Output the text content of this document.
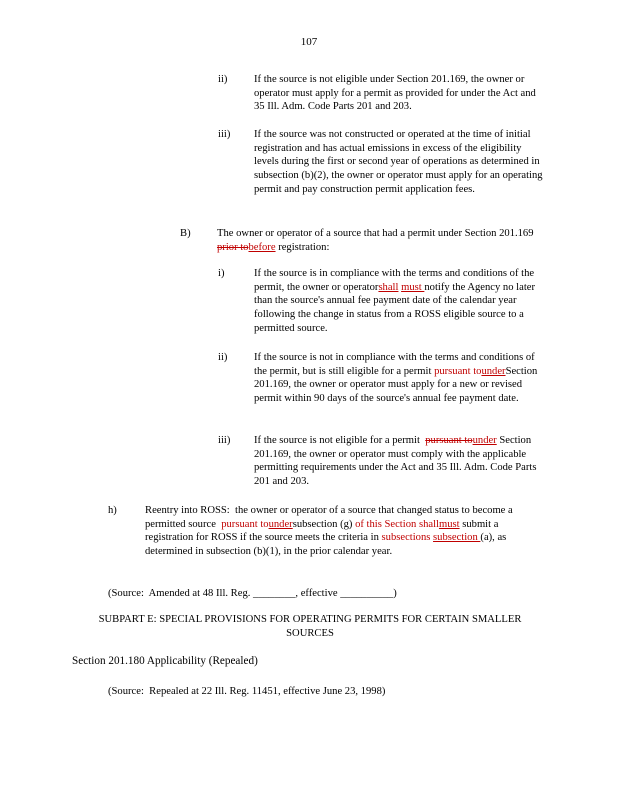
107
ii)	If the source is not eligible under Section 201.169, the owner or operator must apply for a permit as provided for under the Act and 35 Ill. Adm. Code Parts 201 and 203.
iii) If the source was not constructed or operated at the time of initial registration and has actual emissions in excess of the eligibility levels during the first or second year of operations as determined in subsection (b)(2), the owner or operator must apply for an operating permit and pay construction permit application fees.
B) The owner or operator of a source that had a permit under Section 201.169 prior tobefore registration:
i)	If the source is in compliance with the terms and conditions of the permit, the owner or operatorshall must notify the Agency no later than the source's annual fee payment date of the calendar year following the change in status from a ROSS eligible source to a permitted source.
ii)	If the source is not in compliance with the terms and conditions of the permit, but is still eligible for a permit pursuant tounderSection 201.169, the owner or operator must apply for a new or revised permit within 90 days of the source's annual fee payment date.
iii) If the source is not eligible for a permit  pursuant tounder Section 201.169, the owner or operator must comply with the applicable permitting requirements under the Act and 35 Ill. Adm. Code Parts 201 and 203.
h)	Reentry into ROSS:  the owner or operator of a source that changed status to become a permitted source  pursuant toundersubsection (g) of this Section shallmust submit a registration for ROSS if the source meets the criteria in subsections subsection (a), as determined in subsection (b)(1), in the prior calendar year.
(Source:  Amended at 48 Ill. Reg. ________, effective __________)
SUBPART E: SPECIAL PROVISIONS FOR OPERATING PERMITS FOR CERTAIN SMALLER SOURCES
Section 201.180 Applicability (Repealed)
(Source:  Repealed at 22 Ill. Reg. 11451, effective June 23, 1998)
